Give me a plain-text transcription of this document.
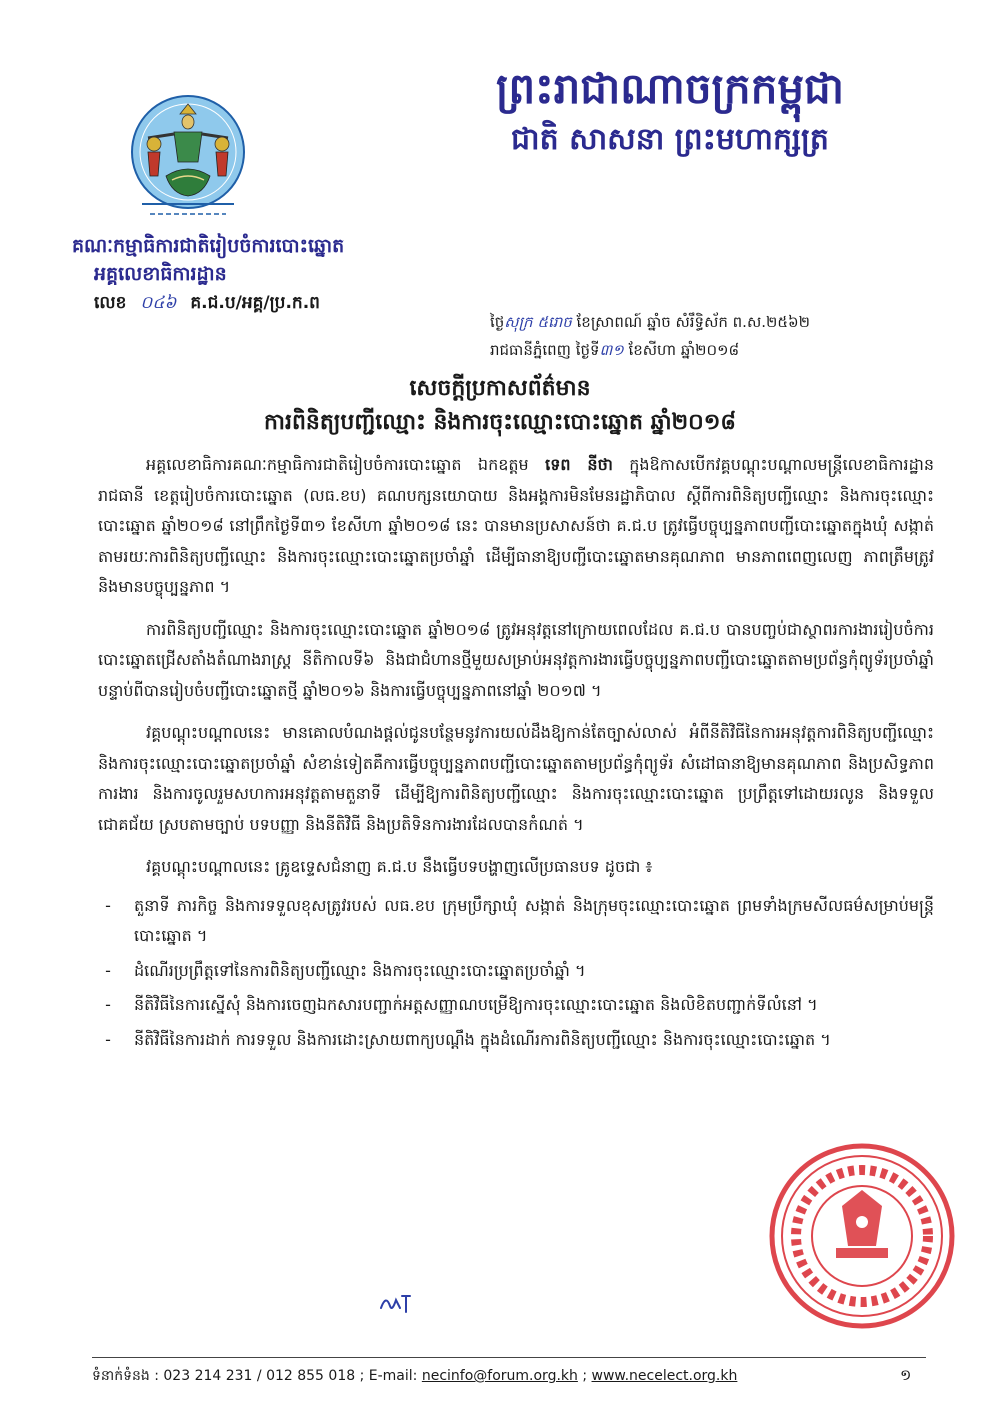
ព្រះរាជាណាចក្រកម្ពុជា
ជាតិ សាសនា ព្រះមហាក្សត្រ
គណៈកម្មាធិការជាតិរៀបចំការបោះឆ្នោត
អគ្គលេខាធិការដ្ឋាន
លេខ ០៤៦ គ.ជ.ប/អគ្គ/ប្រ.ក.ព
ថ្ងៃសុក្រ ៥រោច ខែស្រាពណ៍ ឆ្នាំច សំរឹទ្ធិស័ក ព.ស.២៥៦២
រាជធានីភ្នំពេញ ថ្ងៃទី៣១ ខែសីហា ឆ្នាំ២០១៨
សេចក្តីប្រកាសព័ត៌មាន
ការពិនិត្យបញ្ជីឈ្មោះ និងការចុះឈ្មោះបោះឆ្នោត ឆ្នាំ២០១៨

អគ្គលេខាធិការគណៈកម្មាធិការជាតិរៀបចំការបោះឆ្នោត ឯកឧត្តម ទេព នីថា ក្នុងឱកាសបើកវគ្គបណ្តុះបណ្តាលមន្ត្រីលេខាធិការដ្ឋានរាជធានី ខេត្តរៀបចំការបោះឆ្នោត (លធ.ខប) គណបក្សនយោបាយ និងអង្គការមិនមែនរដ្ឋាភិបាល ស្តីពីការពិនិត្យបញ្ជីឈ្មោះ និងការចុះឈ្មោះបោះឆ្នោត ឆ្នាំ២០១៨ នៅព្រឹកថ្ងៃទី៣១ ខែសីហា ឆ្នាំ២០១៨ នេះ បានមានប្រសាសន៍ថា គ.ជ.ប ត្រូវធ្វើបច្ចុប្បន្នភាពបញ្ជីបោះឆ្នោតក្នុងឃុំ សង្កាត់តាមរយៈការពិនិត្យបញ្ជីឈ្មោះ និងការចុះឈ្មោះបោះឆ្នោតប្រចាំឆ្នាំ ដើម្បីធានាឱ្យបញ្ជីបោះឆ្នោតមានគុណភាព មានភាពពេញលេញ ភាពត្រឹមត្រូវ និងមានបច្ចុប្បន្នភាព ។

ការពិនិត្យបញ្ជីឈ្មោះ និងការចុះឈ្មោះបោះឆ្នោត ឆ្នាំ២០១៨ ត្រូវអនុវត្តនៅក្រោយពេលដែល គ.ជ.ប បានបញ្ចប់ជាស្ថាពរការងាររៀបចំការបោះឆ្នោតជ្រើសតាំងតំណាងរាស្ត្រ នីតិកាលទី៦ និងជាជំហានថ្មីមួយសម្រាប់អនុវត្តការងារធ្វើបច្ចុប្បន្នភាពបញ្ជីបោះឆ្នោតតាមប្រព័ន្ធកុំព្យូទ័រប្រចាំឆ្នាំ បន្ទាប់ពីបានរៀបចំបញ្ជីបោះឆ្នោតថ្មី ឆ្នាំ២០១៦ និងការធ្វើបច្ចុប្បន្នភាពនៅឆ្នាំ ២០១៧ ។

វគ្គបណ្តុះបណ្តាលនេះ មានគោលបំណងផ្តល់ជូនបន្ថែមនូវការយល់ដឹងឱ្យកាន់តែច្បាស់លាស់ អំពីនីតិវិធីនៃការអនុវត្តការពិនិត្យបញ្ជីឈ្មោះ និងការចុះឈ្មោះបោះឆ្នោតប្រចាំឆ្នាំ សំខាន់ទៀតគឺការធ្វើបច្ចុប្បន្នភាពបញ្ជីបោះឆ្នោតតាមប្រព័ន្ធកុំព្យូទ័រ សំដៅធានាឱ្យមានគុណភាព និងប្រសិទ្ធភាពការងារ និងការចូលរួមសហការអនុវត្តតាមតួនាទី ដើម្បីឱ្យការពិនិត្យបញ្ជីឈ្មោះ និងការចុះឈ្មោះបោះឆ្នោត ប្រព្រឹត្តទៅដោយរលូន និងទទួលជោគជ័យ ស្របតាមច្បាប់ បទបញ្ញា និងនីតិវិធី និងប្រតិទិនការងារដែលបានកំណត់ ។

វគ្គបណ្តុះបណ្តាលនេះ គ្រូឧទ្ទេសជំនាញ គ.ជ.ប នឹងធ្វើបទបង្ហាញលើប្រធានបទ ដូចជា ៖

-	តួនាទី ភារកិច្ច និងការទទួលខុសត្រូវរបស់ លធ.ខប ក្រុមប្រឹក្សាឃុំ សង្កាត់ និងក្រុមចុះឈ្មោះបោះឆ្នោត ព្រមទាំងក្រមសីលធម៌សម្រាប់មន្ត្រីបោះឆ្នោត ។
-	ដំណើរប្រព្រឹត្តទៅនៃការពិនិត្យបញ្ជីឈ្មោះ និងការចុះឈ្មោះបោះឆ្នោតប្រចាំឆ្នាំ ។
-	នីតិវិធីនៃការស្នើសុំ និងការចេញឯកសារបញ្ជាក់អត្តសញ្ញាណបម្រើឱ្យការចុះឈ្មោះបោះឆ្នោត និងលិខិតបញ្ជាក់ទីលំនៅ ។
-	នីតិវិធីនៃការដាក់ ការទទួល និងការដោះស្រាយពាក្យបណ្តឹង ក្នុងដំណើរការពិនិត្យបញ្ជីឈ្មោះ និងការចុះឈ្មោះបោះឆ្នោត ។
ទំនាក់ទំនង : 023 214 231 / 012 855 018 ; E-mail: necinfo@forum.org.kh ; www.necelect.org.kh	១
